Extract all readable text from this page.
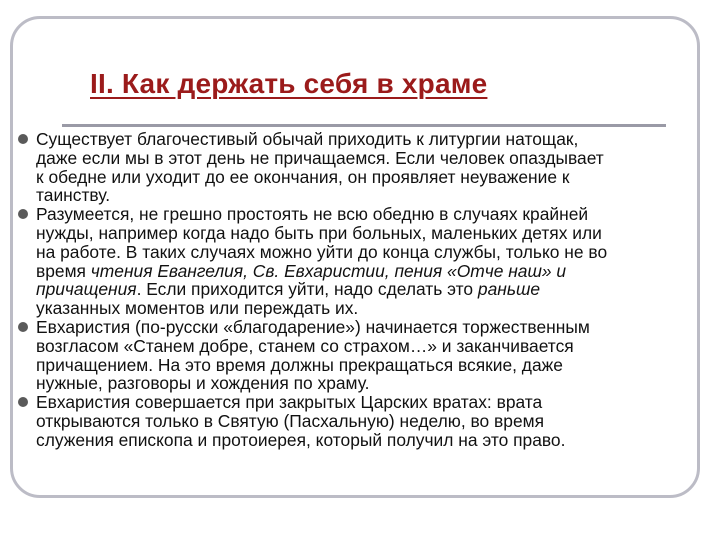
II. Как держать себя в храме
Существует благочестивый обычай приходить к литургии натощак,
даже если мы в этот день не причащаемся. Если человек опаздывает
к обедне или уходит до ее окончания, он проявляет неуважение к
таинству.
Разумеется, не грешно простоять не всю обедню в случаях крайней
нужды, например когда надо быть при больных, маленьких детях или
на работе. В таких случаях можно уйти до конца службы, только не во
время чтения Евангелия, Св. Евхаристии, пения «Отче наш» и
причащения. Если приходится уйти, надо сделать это раньше
указанных моментов или переждать их.
Евхаристия (по-русски «благодарение») начинается торжественным
возгласом «Станем добре, станем со страхом…» и заканчивается
причащением. На это время должны прекращаться всякие, даже
нужные, разговоры и хождения по храму.
Евхаристия совершается при закрытых Царских вратах: врата
открываются только в Святую (Пасхальную) неделю, во время
служения епископа и протоиерея, который получил на это право.
